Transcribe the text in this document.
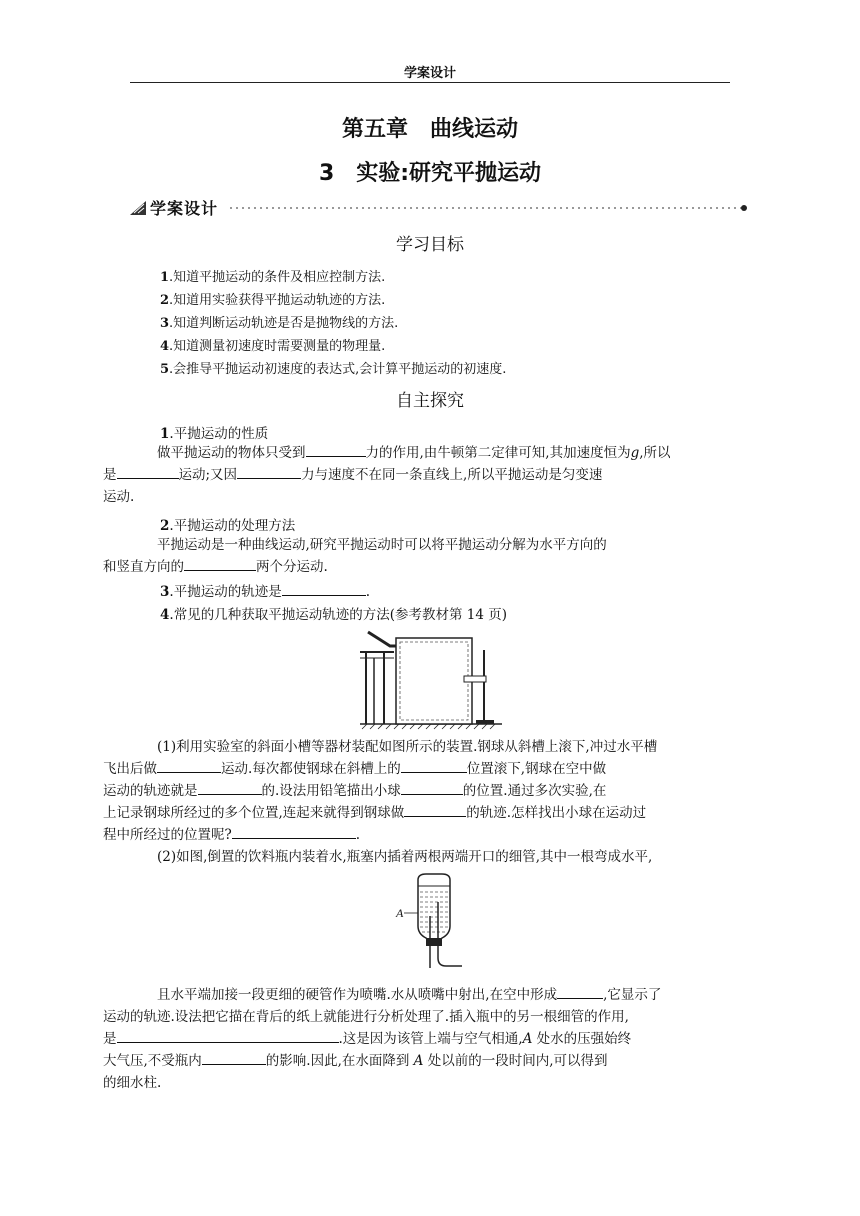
学案设计
第五章　曲线运动
3　实验:研究平抛运动
学案设计
学习目标
1.知道平抛运动的条件及相应控制方法.
2.知道用实验获得平抛运动轨迹的方法.
3.知道判断运动轨迹是否是抛物线的方法.
4.知道测量初速度时需要测量的物理量.
5.会推导平抛运动初速度的表达式,会计算平抛运动的初速度.
自主探究
1.平抛运动的性质
做平抛运动的物体只受到	力的作用,由牛顿第二定律可知,其加速度恒为g,所以
是	运动;又因	力与速度不在同一条直线上,所以平抛运动是匀变速
运动.
2.平抛运动的处理方法
平抛运动是一种曲线运动,研究平抛运动时可以将平抛运动分解为水平方向的
和竖直方向的	两个分运动.
3.平抛运动的轨迹是	.
4.常见的几种获取平抛运动轨迹的方法(参考教材第 14 页)
(1)利用实验室的斜面小槽等器材装配如图所示的装置.钢球从斜槽上滚下,冲过水平槽
飞出后做	运动.每次都使钢球在斜槽上的	位置滚下,钢球在空中做
运动的轨迹就是	的.设法用铅笔描出小球	的位置.通过多次实验,在
上记录钢球所经过的多个位置,连起来就得到钢球做	的轨迹.怎样找出小球在运动过
程中所经过的位置呢?	.
(2)如图,倒置的饮料瓶内装着水,瓶塞内插着两根两端开口的细管,其中一根弯成水平,
A
且水平端加接一段更细的硬管作为喷嘴.水从喷嘴中射出,在空中形成	,它显示了
运动的轨迹.设法把它描在背后的纸上就能进行分析处理了.插入瓶中的另一根细管的作用,
是	.这是因为该管上端与空气相通,A 处水的压强始终
大气压,不受瓶内	的影响.因此,在水面降到 A 处以前的一段时间内,可以得到
的细水柱.
